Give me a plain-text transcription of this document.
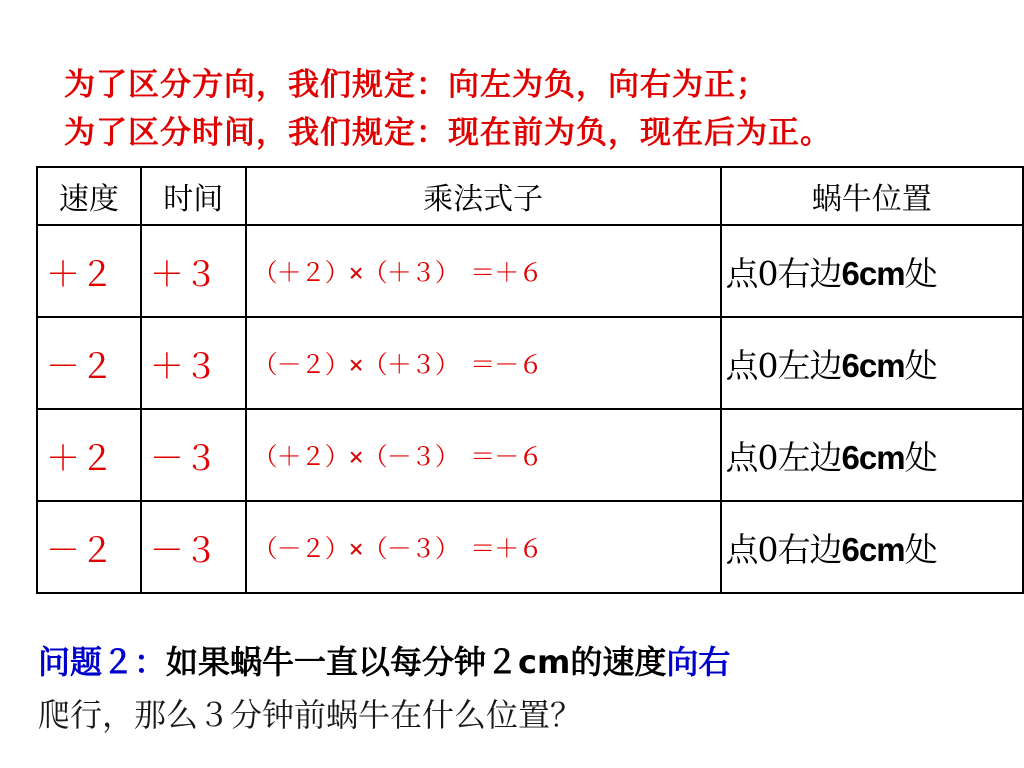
为了区分方向，我们规定：向左为负，向右为正；
为了区分时间，我们规定：现在前为负，现在后为正。
速度	时间	乘法式子	蜗牛位置
＋２	＋３	（＋２）×（＋３）　＝＋６	点0右边6cm处
－２	＋３	（－２）×（＋３）　＝－６	点0左边6cm处
＋２	－３	（＋２）×（－３）　＝－６	点0左边6cm处
－２	－３	（－２）×（－３）　＝＋６	点0右边6cm处
问题２：如果蜗牛一直以每分钟２cm的速度向右
爬行，那么３分钟前蜗牛在什么位置？
